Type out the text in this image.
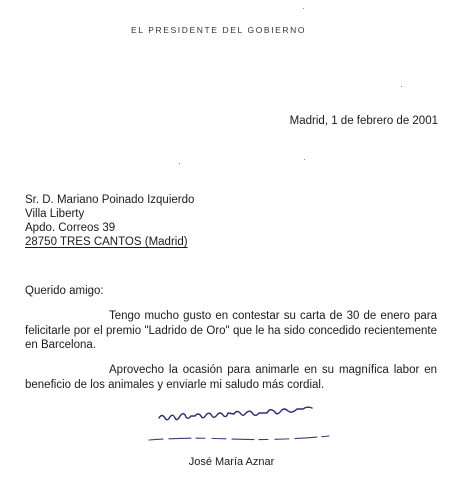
EL PRESIDENTE DEL GOBIERNO
Madrid, 1 de febrero de 2001
Sr. D. Mariano Poinado Izquierdo
Villa Liberty
Apdo. Correos 39
28750 TRES CANTOS (Madrid)
Querido amigo:

Tengo mucho gusto en contestar su carta de 30 de enero para felicitarle por el premio "Ladrido de Oro" que le ha sido concedido recientemente en Barcelona.

Aprovecho la ocasión para animarle en su magnífica labor en beneficio de los animales y enviarle mi saludo más cordial.

José María Aznar
